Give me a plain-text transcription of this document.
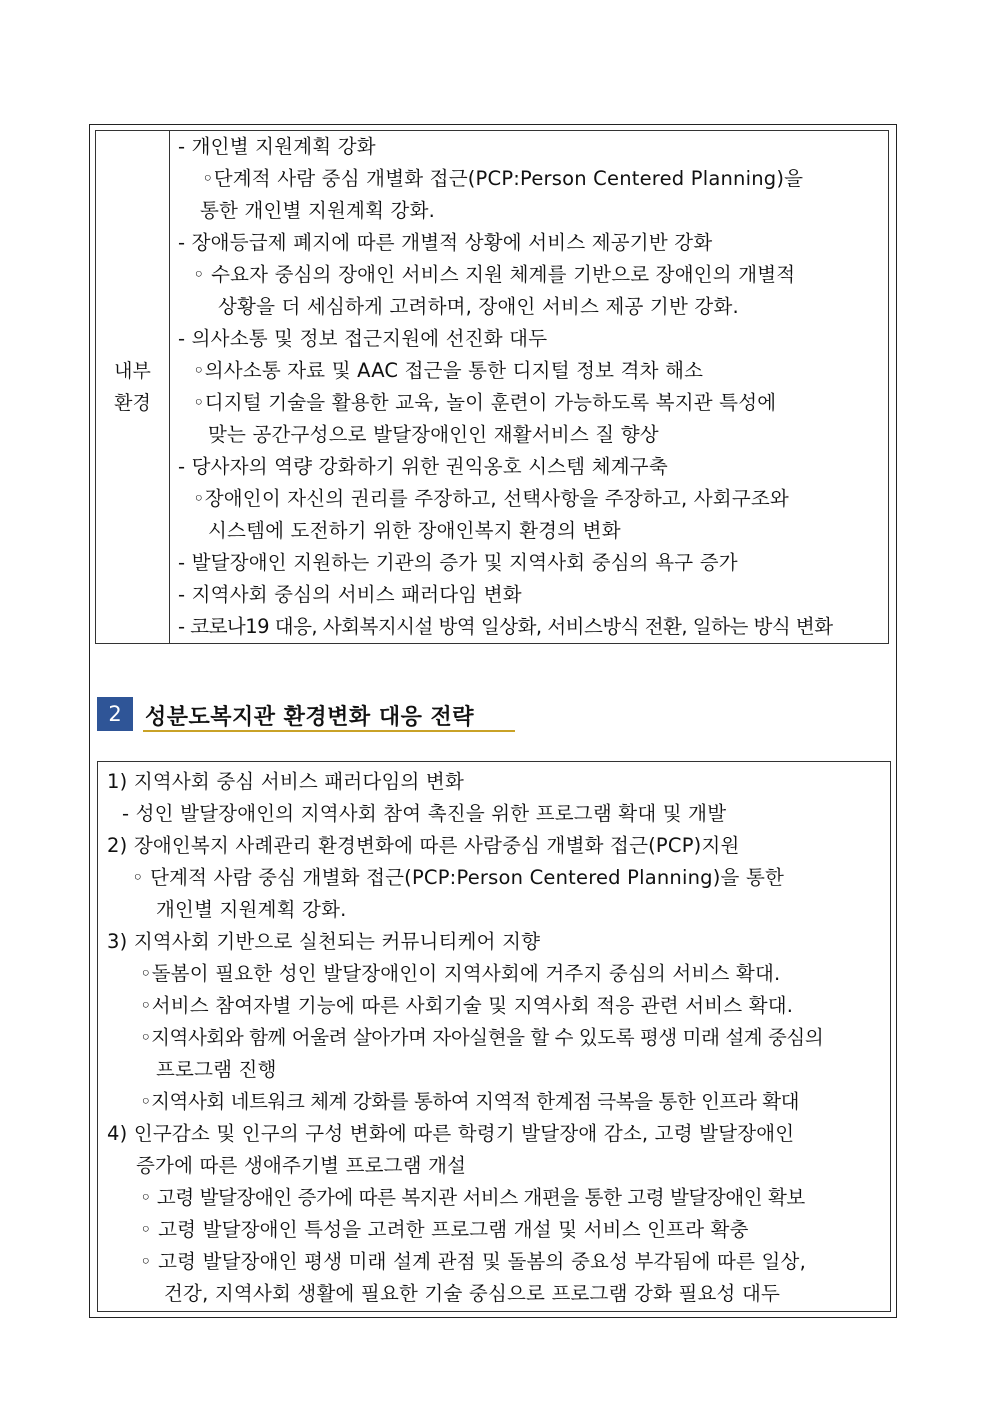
내부
환경
- 개인별 지원계획 강화
◦단계적 사람 중심 개별화 접근(PCP:Person Centered Planning)을
통한 개인별 지원계획 강화.
- 장애등급제 폐지에 따른 개별적 상황에 서비스 제공기반 강화
◦ 수요자 중심의 장애인 서비스 지원 체계를 기반으로 장애인의 개별적
상황을 더 세심하게 고려하며, 장애인 서비스 제공 기반 강화.
- 의사소통 및 정보 접근지원에 선진화 대두
◦의사소통 자료 및 AAC 접근을 통한 디지털 정보 격차 해소
◦디지털 기술을 활용한 교육, 놀이 훈련이 가능하도록 복지관 특성에
맞는 공간구성으로 발달장애인인 재활서비스 질 향상
- 당사자의 역량 강화하기 위한 권익옹호 시스템 체계구축
◦장애인이 자신의 권리를 주장하고, 선택사항을 주장하고, 사회구조와
시스템에 도전하기 위한 장애인복지 환경의 변화
- 발달장애인 지원하는 기관의 증가 및 지역사회 중심의 욕구 증가
- 지역사회 중심의 서비스 패러다임 변화
- 코로나19 대응, 사회복지시설 방역 일상화, 서비스방식 전환, 일하는 방식 변화
2	성분도복지관 환경변화 대응 전략
1) 지역사회 중심 서비스 패러다임의 변화
- 성인 발달장애인의 지역사회 참여 촉진을 위한 프로그램 확대 및 개발
2) 장애인복지 사례관리 환경변화에 따른 사람중심 개별화 접근(PCP)지원
◦ 단계적 사람 중심 개별화 접근(PCP:Person Centered Planning)을 통한
개인별 지원계획 강화.
3) 지역사회 기반으로 실천되는 커뮤니티케어 지향
◦돌봄이 필요한 성인 발달장애인이 지역사회에 거주지 중심의 서비스 확대.
◦서비스 참여자별 기능에 따른 사회기술 및 지역사회 적응 관련 서비스 확대.
◦지역사회와 함께 어울려 살아가며 자아실현을 할 수 있도록 평생 미래 설계 중심의
프로그램 진행
◦지역사회 네트워크 체계 강화를 통하여 지역적 한계점 극복을 통한 인프라 확대
4) 인구감소 및 인구의 구성 변화에 따른 학령기 발달장애 감소, 고령 발달장애인
증가에 따른 생애주기별 프로그램 개설
◦ 고령 발달장애인 증가에 따른 복지관 서비스 개편을 통한 고령 발달장애인 확보
◦ 고령 발달장애인 특성을 고려한 프로그램 개설 및 서비스 인프라 확충
◦ 고령 발달장애인 평생 미래 설계 관점 및 돌봄의 중요성 부각됨에 따른 일상,
건강, 지역사회 생활에 필요한 기술 중심으로 프로그램 강화 필요성 대두
